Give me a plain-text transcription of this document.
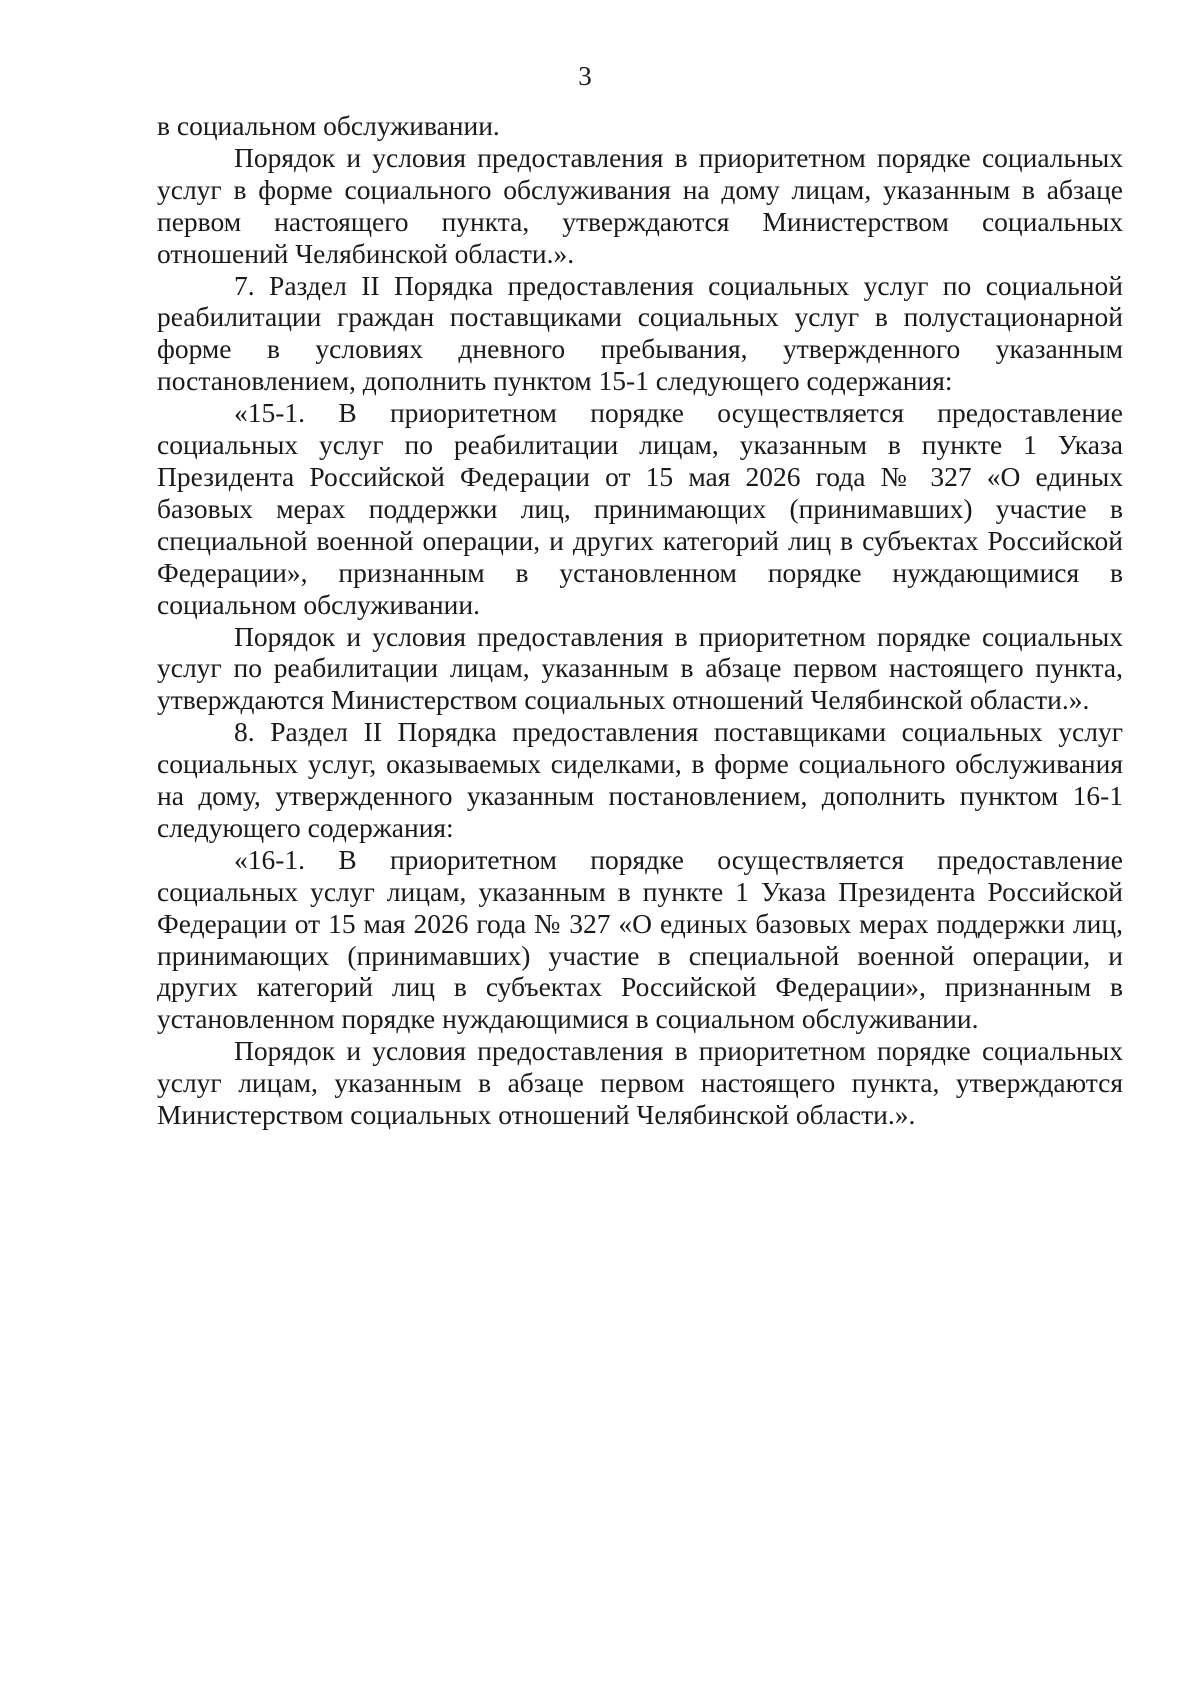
3

в социальном обслуживании.

Порядок и условия предоставления в приоритетном порядке социальных услуг в форме социального обслуживания на дому лицам, указанным в абзаце первом настоящего пункта, утверждаются Министерством социальных отношений Челябинской области.».

7. Раздел II Порядка предоставления социальных услуг по социальной реабилитации граждан поставщиками социальных услуг в полустационарной форме в условиях дневного пребывания, утвержденного указанным постановлением, дополнить пунктом 15-1 следующего содержания:

«15-1. В приоритетном порядке осуществляется предоставление социальных услуг по реабилитации лицам, указанным в пункте 1 Указа Президента Российской Федерации от 15 мая 2026 года № 327 «О единых базовых мерах поддержки лиц, принимающих (принимавших) участие в специальной военной операции, и других категорий лиц в субъектах Российской Федерации», признанным в установленном порядке нуждающимися в социальном обслуживании.

Порядок и условия предоставления в приоритетном порядке социальных услуг по реабилитации лицам, указанным в абзаце первом настоящего пункта, утверждаются Министерством социальных отношений Челябинской области.».

8. Раздел II Порядка предоставления поставщиками социальных услуг социальных услуг, оказываемых сиделками, в форме социального обслуживания на дому, утвержденного указанным постановлением, дополнить пунктом 16-1 следующего содержания:

«16-1. В приоритетном порядке осуществляется предоставление социальных услуг лицам, указанным в пункте 1 Указа Президента Российской Федерации от 15 мая 2026 года № 327 «О единых базовых мерах поддержки лиц, принимающих (принимавших) участие в специальной военной операции, и других категорий лиц в субъектах Российской Федерации», признанным в установленном порядке нуждающимися в социальном обслуживании.

Порядок и условия предоставления в приоритетном порядке социальных услуг лицам, указанным в абзаце первом настоящего пункта, утверждаются Министерством социальных отношений Челябинской области.».
